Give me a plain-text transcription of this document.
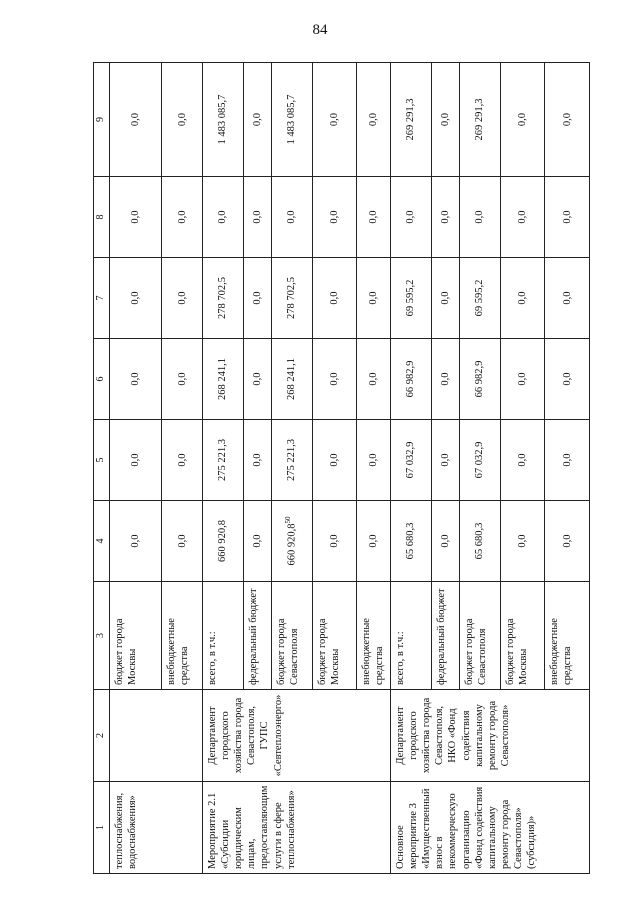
84
1	2	3	4	5	6	7	8	9
теплоснабжения, водоснабжения»		бюджет города Москвы	0,0	0,0	0,0	0,0	0,0	0,0
		внебюджетные средства	0,0	0,0	0,0	0,0	0,0	0,0
Мероприятие 2.1 «Субсидии юридическим лицам, предоставляющим услуги в сфере теплоснабжения»	Департамент городского хозяйства города Севастополя, ГУПС «Севтеплоэнерго»	всего, в т.ч.:	660 920,8	275 221,3	268 241,1	278 702,5	0,0	1 483 085,7
		федеральный бюджет	0,0	0,0	0,0	0,0	0,0	0,0
		бюджет города Севастополя	660 920,8$^{50}$	275 221,3	268 241,1	278 702,5	0,0	1 483 085,7
		бюджет города Москвы	0,0	0,0	0,0	0,0	0,0	0,0
		внебюджетные средства	0,0	0,0	0,0	0,0	0,0	0,0
Основное мероприятие 3 «Имущественный взнос в некоммерческую организацию «Фонд содействия капитальному ремонту города Севастополя» (субсидия)»	Департамент городского хозяйства города Севастополя, НКО «Фонд содействия капитальному ремонту города Севастополя»	всего, в т.ч.:	65 680,3	67 032,9	66 982,9	69 595,2	0,0	269 291,3
		федеральный бюджет	0,0	0,0	0,0	0,0	0,0	0,0
		бюджет города Севастополя	65 680,3	67 032,9	66 982,9	69 595,2	0,0	269 291,3
		бюджет города Москвы	0,0	0,0	0,0	0,0	0,0	0,0
		внебюджетные средства	0,0	0,0	0,0	0,0	0,0	0,0
